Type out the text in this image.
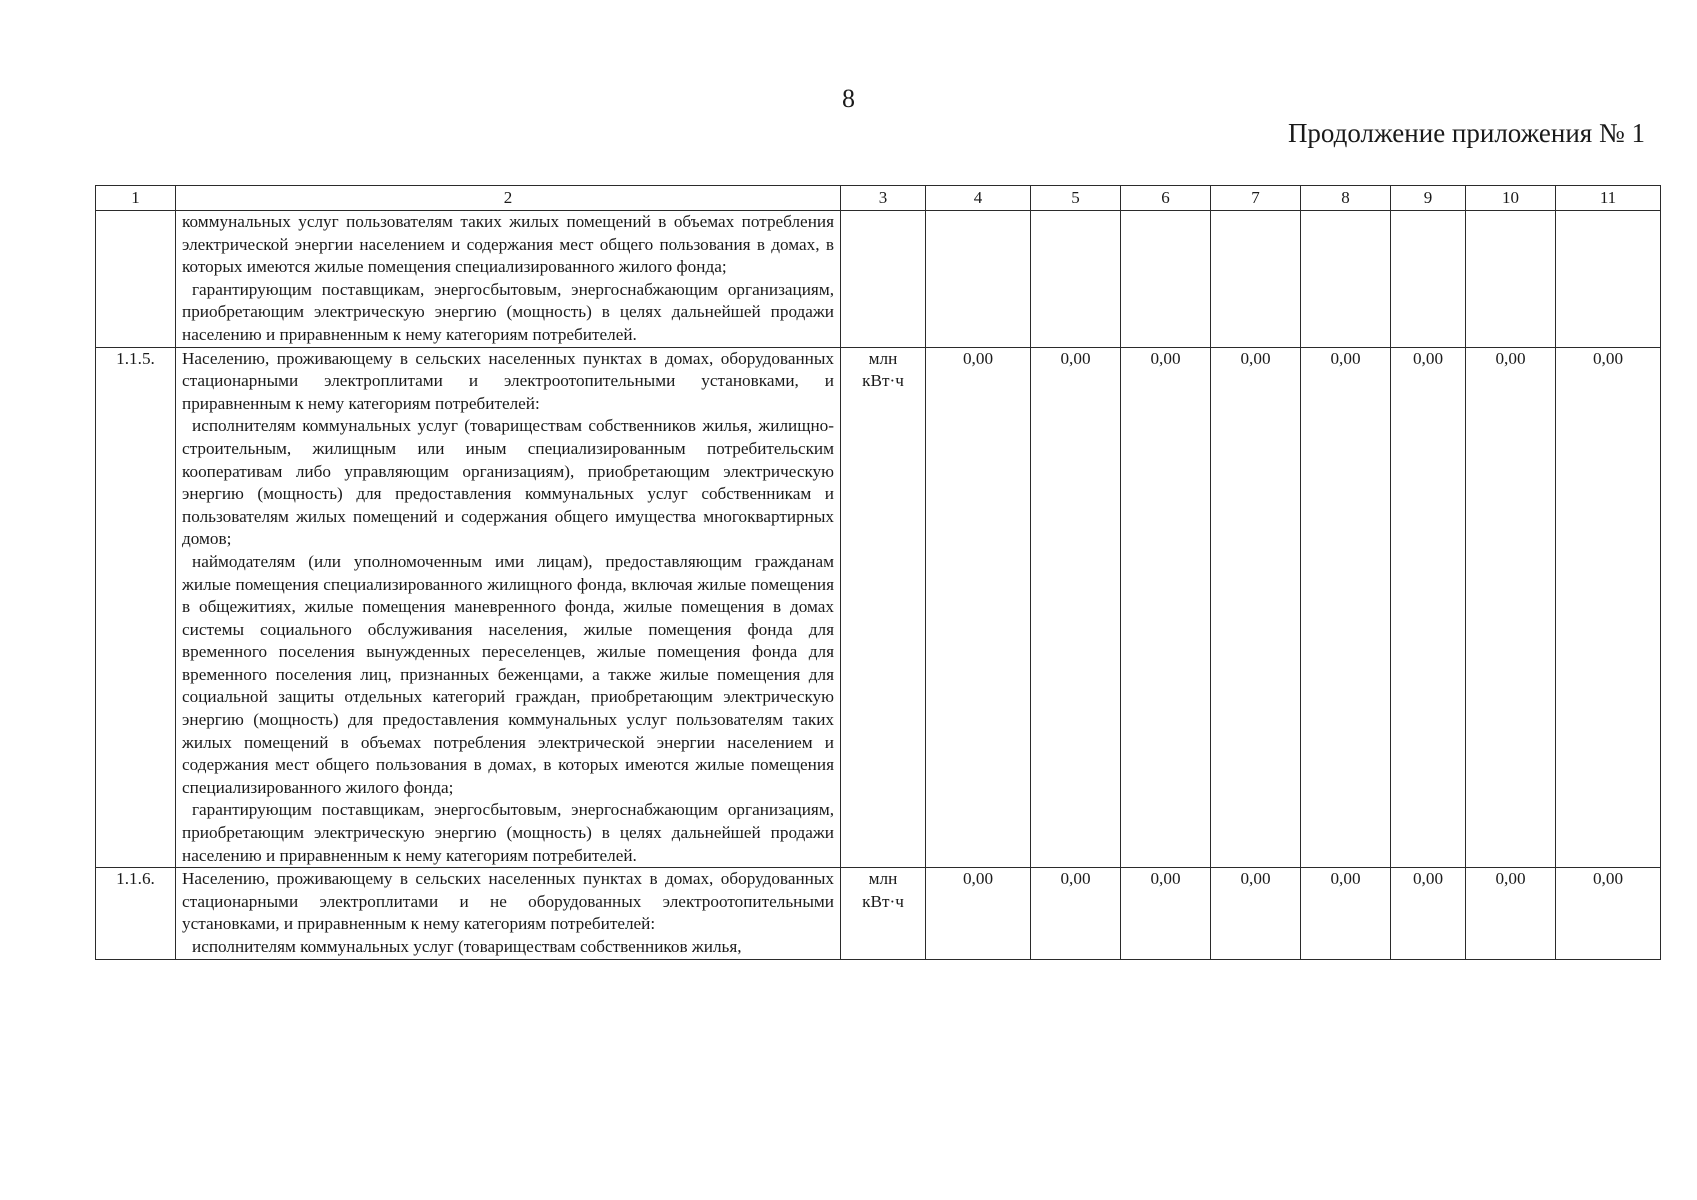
8
Продолжение приложения № 1
1	2	3	4	5	6	7	8	9	10	11

	коммунальных услуг пользователям таких жилых помещений в объемах потребления электрической энергии населением и содержания мест общего пользования в домах, в которых имеются жилые помещения специализированного жилого фонда;
гарантирующим поставщикам, энергосбытовым, энергоснабжающим организациям, приобретающим электрическую энергию (мощность) в целях дальнейшей продажи населению и приравненным к нему категориям потребителей.									

1.1.5.	Населению, проживающему в сельских населенных пунктах в домах, оборудованных стационарными электроплитами и электроотопительными установками, и приравненным к нему категориям потребителей:
исполнителям коммунальных услуг (товариществам собственников жилья, жилищно-строительным, жилищным или иным специализированным потребительским кооперативам либо управляющим организациям), приобретающим электрическую энергию (мощность) для предоставления коммунальных услуг собственникам и пользователям жилых помещений и содержания общего имущества многоквартирных домов;
наймодателям (или уполномоченным ими лицам), предоставляющим гражданам жилые помещения специализированного жилищного фонда, включая жилые помещения в общежитиях, жилые помещения маневренного фонда, жилые помещения в домах системы социального обслуживания населения, жилые помещения фонда для временного поселения вынужденных переселенцев, жилые помещения фонда для временного поселения лиц, признанных беженцами, а также жилые помещения для социальной защиты отдельных категорий граждан, приобретающим электрическую энергию (мощность) для предоставления коммунальных услуг пользователям таких жилых помещений в объемах потребления электрической энергии населением и содержания мест общего пользования в домах, в которых имеются жилые помещения специализированного жилого фонда;
гарантирующим поставщикам, энергосбытовым, энергоснабжающим организациям, приобретающим электрическую энергию (мощность) в целях дальнейшей продажи населению и приравненным к нему категориям потребителей.	млн кВт·ч	0,00	0,00	0,00	0,00	0,00	0,00	0,00	0,00
1.1.6.	Населению, проживающему в сельских населенных пунктах в домах, оборудованных стационарными электроплитами и не оборудованных электроотопительными установками, и приравненным к нему категориям потребителей:
исполнителям коммунальных услуг (товариществам собственников жилья,	млн кВт·ч	0,00	0,00	0,00	0,00	0,00	0,00	0,00	0,00
